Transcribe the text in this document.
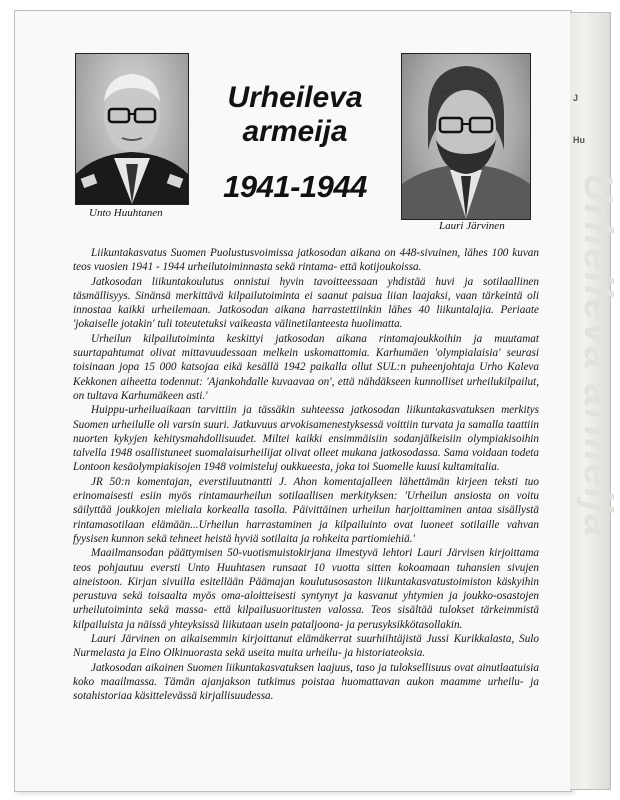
Unto Huuhtanen
Urheileva
armeija
1941-1944
Lauri Järvinen

Liikuntakasvatus Suomen Puolustusvoimissa jatkosodan aikana on 448-sivuinen, lähes 100 kuvan teos vuosien 1941 - 1944 urheilutoiminnasta sekä rintama- että kotijoukoissa.

Jatkosodan liikuntakoulutus onnistui hyvin tavoitteessaan yhdistää huvi ja sotilaallinen täsmällisyys. Sinänsä merkittävä kilpailutoiminta ei saanut paisua liian laajaksi, vaan tärkeintä oli innostaa kaikki urheilemaan. Jatkosodan aikana harrastettiinkin lähes 40 liikuntalajia. Periaate 'jokaiselle jotakin' tuli toteutetuksi vaikeasta välinetilanteesta huolimatta.

Urheilun kilpailutoiminta keskittyi jatkosodan aikana rintamajoukkoihin ja muutamat suurtapahtumat olivat mittavuudessaan melkein uskomattomia. Karhumäen 'olympialaisia' seurasi toisinaan jopa 15 000 katsojaa eikä kesällä 1942 paikalla ollut SUL:n puheenjohtaja Urho Kaleva Kekkonen aiheetta todennut: 'Ajankohdalle kuvaavaa on', että nähdäkseen kunnolliset urheilukilpailut, on tultava Karhumäkeen asti.'

Huippu-urheiluaikaan tarvittiin ja tässäkin suhteessa jatkosodan liikuntakasvatuksen merkitys Suomen urheilulle oli varsin suuri. Jatkuvuus arvokisamenestyksessä voittiin turvata ja samalla taattiin nuorten kykyjen kehitysmahdollisuudet. Miltei kaikki ensimmäisiin sodanjälkeisiin olympiakisoihin talvella 1948 osallistuneet suomalaisurheilijat olivat olleet mukana jatkosodassa. Sama voidaan todeta Lontoon kesäolympiakisojen 1948 voimisteluj oukkueesta, joka toi Suomelle kuusi kultamitalia.

JR 50:n komentajan, everstiluutnantti J. Ahon komentajalleen lähettämän kirjeen teksti tuo erinomaisesti esiin myös rintamaurheilun sotilaallisen merkityksen: 'Urheilun ansiosta on voitu säilyttää joukkojen mieliala korkealla tasolla. Päivittäinen urheilun harjoittaminen antaa sisällystä rintamasotilaan elämään...Urheilun harrastaminen ja kilpailuinto ovat luoneet sotilaille vahvan fyysisen kunnon sekä tehneet heistä hyviä sotilaita ja rohkeita partiomiehiä.'

Maailmansodan päättymisen 50-vuotismuistokirjana ilmestyvä lehtori Lauri Järvisen kirjoittama teos pohjautuu eversti Unto Huuhtasen runsaat 10 vuotta sitten kokoamaan tuhansien sivujen aineistoon. Kirjan sivuilla esitellään Päämajan koulutusosaston liikuntakasvatustoimiston käskyihin perustuva sekä toisaalta myös oma-aloitteisesti syntynyt ja kasvanut yhtymien ja joukko-osastojen urheilutoiminta sekä massa- että kilpailusuoritusten valossa. Teos sisältää tulokset tärkeimmistä kilpailuista ja näissä yhteyksissä liikutaan usein pataljoona- ja perusyksikkötasollakin.

Lauri Järvinen on aikaisemmin kirjoittanut elämäkerrat suurhiihtäjistä Jussi Kurikkalasta, Sulo Nurmelasta ja Eino Olkinuorasta sekä useita muita urheilu- ja historiateoksia.

Jatkosodan aikainen Suomen liikuntakasvatuksen laajuus, taso ja tuloksellisuus ovat ainutlaatuisia koko maailmassa. Tämän ajanjakson tutkimus poistaa huomattavan aukon maamme urheilu- ja sotahistoriaa käsittelevässä kirjallisuudessa.

J
Hu
Urheileva armeija
